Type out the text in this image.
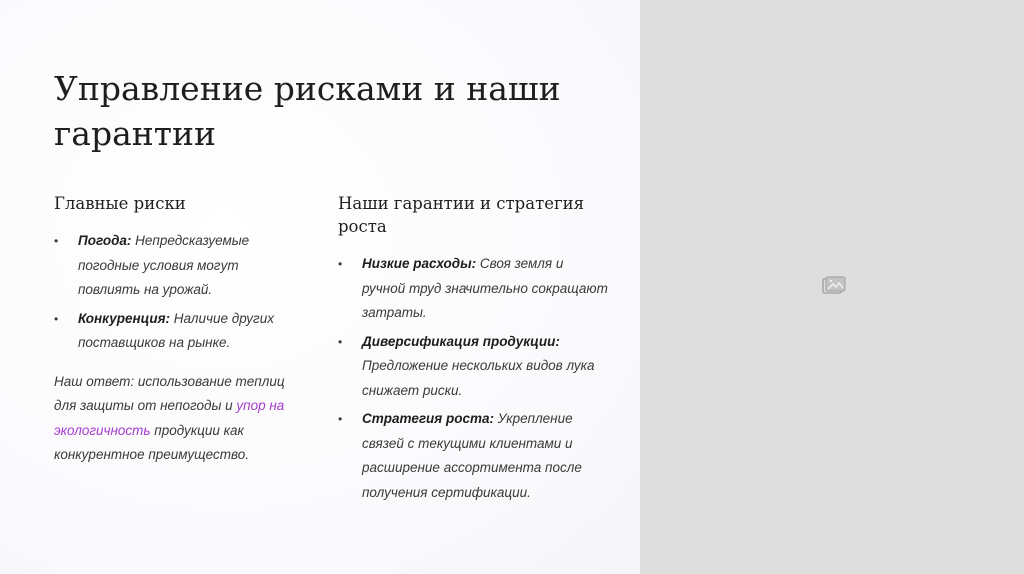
Управление рисками и наши гарантии
Главные риски
• Погода: Непредсказуемые погодные условия могут повлиять на урожай.
• Конкуренция: Наличие других поставщиков на рынке.

Наш ответ: использование теплиц для защиты от непогоды и упор на экологичность продукции как конкурентное преимущество.

Наши гарантии и стратегия роста
• Низкие расходы: Своя земля и ручной труд значительно сокращают затраты.
• Диверсификация продукции: Предложение нескольких видов лука снижает риски.
• Стратегия роста: Укрепление связей с текущими клиентами и расширение ассортимента после получения сертификации.
